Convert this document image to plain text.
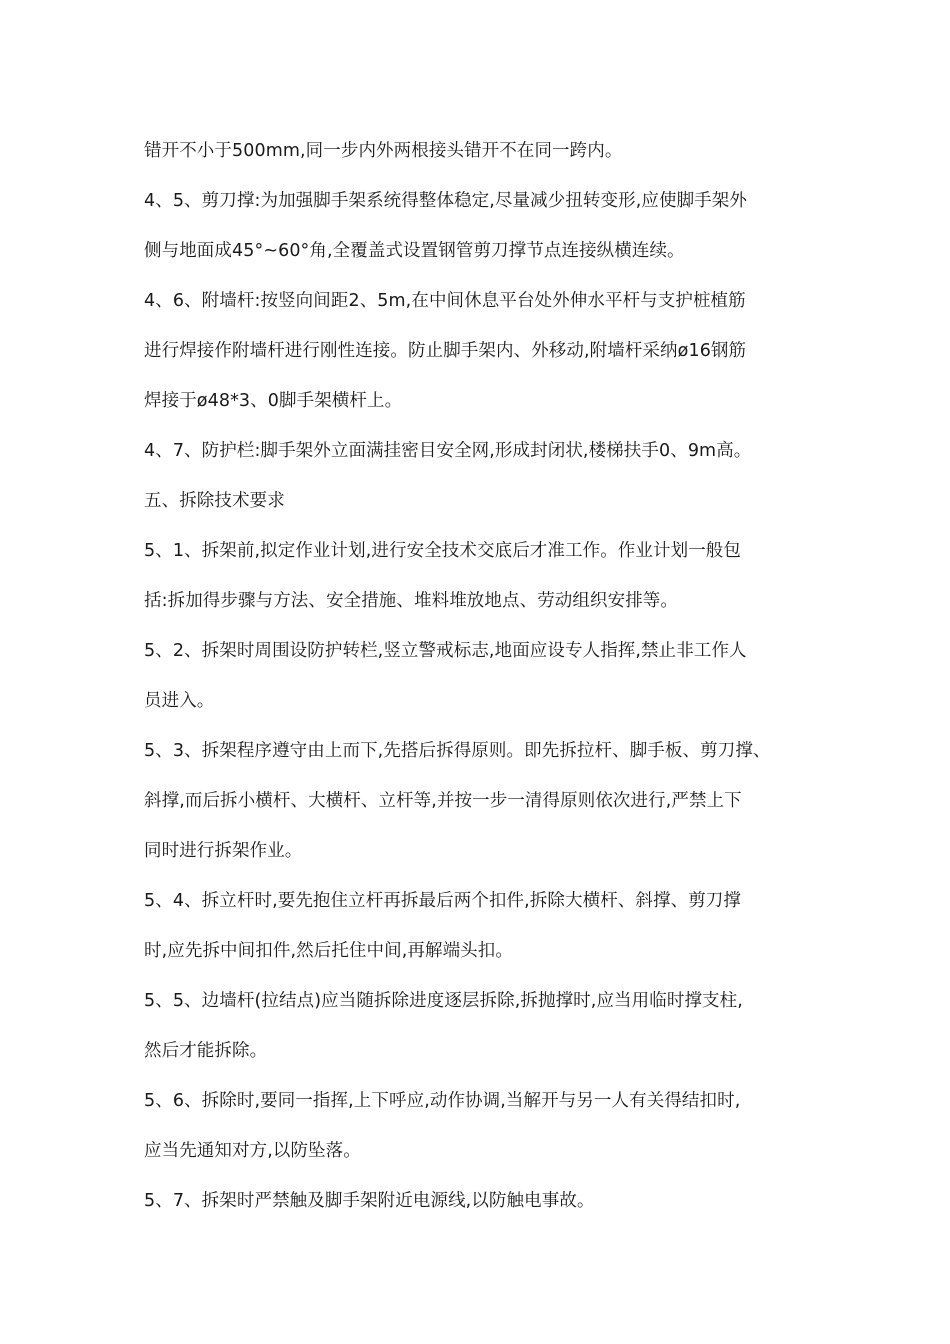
错开不小于500mm,同一步内外两根接头错开不在同一跨内。
4、5、剪刀撑:为加强脚手架系统得整体稳定,尽量减少扭转变形,应使脚手架外
侧与地面成45°~60°角,全覆盖式设置钢管剪刀撑节点连接纵横连续。
4、6、附墙杆:按竖向间距2、5m,在中间休息平台处外伸水平杆与支护桩植筋
进行焊接作附墙杆进行刚性连接。防止脚手架内、外移动,附墙杆采纳ø16钢筋
焊接于ø48*3、0脚手架横杆上。
4、7、防护栏:脚手架外立面满挂密目安全网,形成封闭状,楼梯扶手0、9m高。
五、拆除技术要求
5、1、拆架前,拟定作业计划,进行安全技术交底后才准工作。作业计划一般包
括:拆加得步骤与方法、安全措施、堆料堆放地点、劳动组织安排等。
5、2、拆架时周围设防护转栏,竖立警戒标志,地面应设专人指挥,禁止非工作人
员进入。
5、3、拆架程序遵守由上而下,先搭后拆得原则。即先拆拉杆、脚手板、剪刀撑、
斜撑,而后拆小横杆、大横杆、立杆等,并按一步一清得原则依次进行,严禁上下
同时进行拆架作业。
5、4、拆立杆时,要先抱住立杆再拆最后两个扣件,拆除大横杆、斜撑、剪刀撑
时,应先拆中间扣件,然后托住中间,再解端头扣。
5、5、边墙杆(拉结点)应当随拆除进度逐层拆除,拆抛撑时,应当用临时撑支柱,
然后才能拆除。
5、6、拆除时,要同一指挥,上下呼应,动作协调,当解开与另一人有关得结扣时,
应当先通知对方,以防坠落。
5、7、拆架时严禁触及脚手架附近电源线,以防触电事故。
